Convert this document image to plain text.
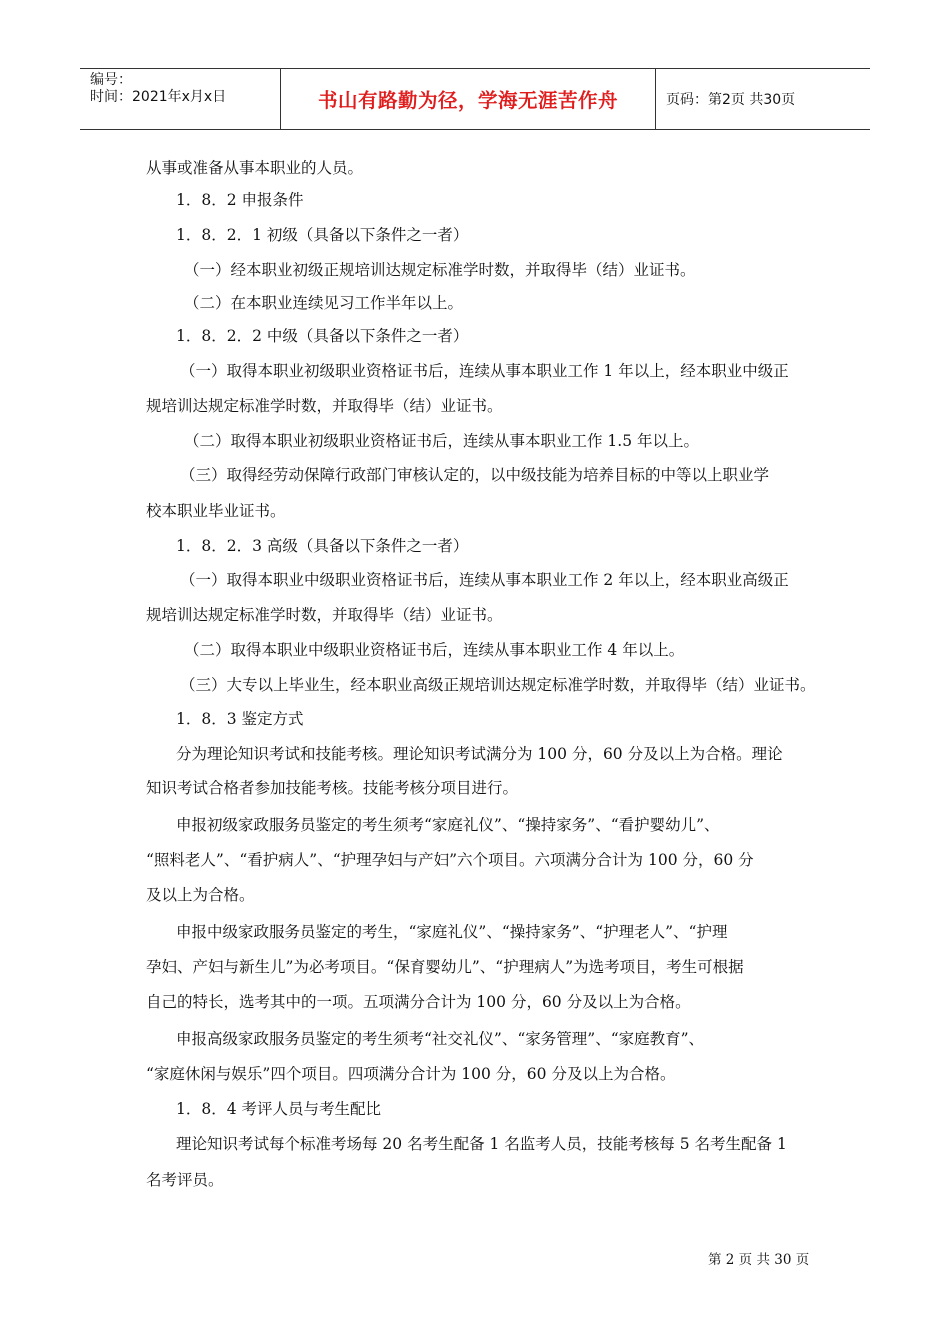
编号：
时间：2021年x月x日	书山有路勤为径，学海无涯苦作舟	页码：第2页 共30页
从事或准备从事本职业的人员。
1．8．2 申报条件
1．8．2．1 初级（具备以下条件之一者）
（一）经本职业初级正规培训达规定标准学时数，并取得毕（结）业证书。
（二）在本职业连续见习工作半年以上。
1．8．2．2 中级（具备以下条件之一者）
（一）取得本职业初级职业资格证书后，连续从事本职业工作 1 年以上，经本职业中级正
规培训达规定标准学时数，并取得毕（结）业证书。
（二）取得本职业初级职业资格证书后，连续从事本职业工作 1.5 年以上。
（三）取得经劳动保障行政部门审核认定的，以中级技能为培养目标的中等以上职业学
校本职业毕业证书。
1．8．2．3 高级（具备以下条件之一者）
（一）取得本职业中级职业资格证书后，连续从事本职业工作 2 年以上，经本职业高级正
规培训达规定标准学时数，并取得毕（结）业证书。
（二）取得本职业中级职业资格证书后，连续从事本职业工作 4 年以上。
（三）大专以上毕业生，经本职业高级正规培训达规定标准学时数，并取得毕（结）业证书。
1．8．3 鉴定方式
分为理论知识考试和技能考核。理论知识考试满分为 100 分，60 分及以上为合格。理论
知识考试合格者参加技能考核。技能考核分项目进行。
申报初级家政服务员鉴定的考生须考“家庭礼仪”、“操持家务”、“看护婴幼儿”、
“照料老人”、“看护病人”、“护理孕妇与产妇”六个项目。六项满分合计为 100 分，60 分
及以上为合格。
申报中级家政服务员鉴定的考生，“家庭礼仪”、“操持家务”、“护理老人”、“护理
孕妇、产妇与新生儿”为必考项目。“保育婴幼儿”、“护理病人”为选考项目，考生可根据
自己的特长，选考其中的一项。五项满分合计为 100 分，60 分及以上为合格。
申报高级家政服务员鉴定的考生须考“社交礼仪”、“家务管理”、“家庭教育”、
“家庭休闲与娱乐”四个项目。四项满分合计为 100 分，60 分及以上为合格。
1．8．4 考评人员与考生配比
理论知识考试每个标准考场每 20 名考生配备 1 名监考人员，技能考核每 5 名考生配备 1
名考评员。
第 2 页 共 30 页
